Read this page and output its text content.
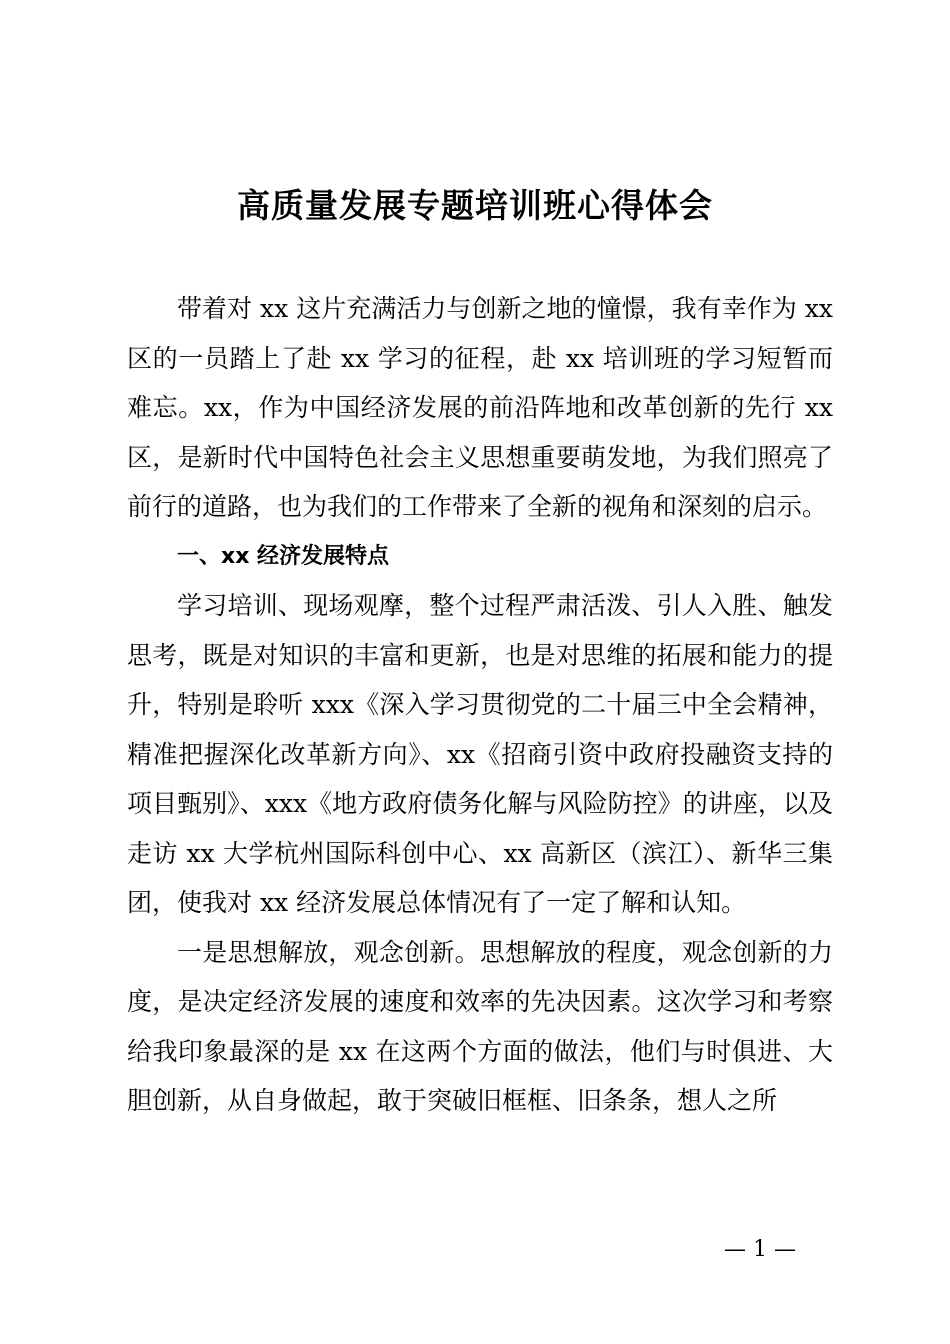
高质量发展专题培训班心得体会

带着对 xx 这片充满活力与创新之地的憧憬，我有幸作为 xx 区的一员踏上了赴 xx 学习的征程，赴 xx 培训班的学习短暂而难忘。xx，作为中国经济发展的前沿阵地和改革创新的先行 xx 区，是新时代中国特色社会主义思想重要萌发地，为我们照亮了前行的道路，也为我们的工作带来了全新的视角和深刻的启示。

一、xx 经济发展特点

学习培训、现场观摩，整个过程严肃活泼、引人入胜、触发思考，既是对知识的丰富和更新，也是对思维的拓展和能力的提升，特别是聆听 xxx《深入学习贯彻党的二十届三中全会精神，精准把握深化改革新方向》、xx《招商引资中政府投融资支持的项目甄别》、xxx《地方政府债务化解与风险防控》的讲座，以及走访 xx 大学杭州国际科创中心、xx 高新区（滨江）、新华三集团，使我对 xx 经济发展总体情况有了一定了解和认知。

一是思想解放，观念创新。思想解放的程度，观念创新的力度，是决定经济发展的速度和效率的先决因素。这次学习和考察给我印象最深的是 xx 在这两个方面的做法，他们与时俱进、大胆创新，从自身做起，敢于突破旧框框、旧条条，想人之所

— 1 —
